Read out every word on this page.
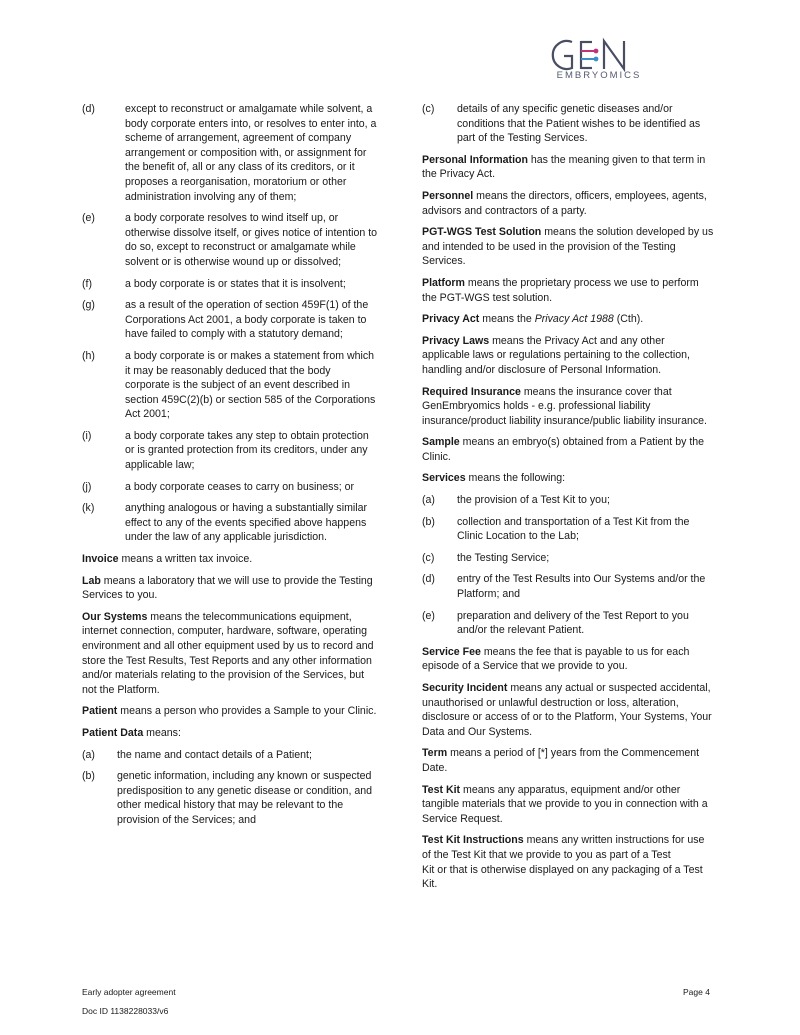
EMBRYOMICS
(d)	except to reconstruct or amalgamate while solvent, a body corporate enters into, or resolves to enter into, a scheme of arrangement, agreement of company arrangement or composition with, or assignment for the benefit of, all or any class of its creditors, or it proposes a reorganisation, moratorium or other administration involving any of them;
(e)	a body corporate resolves to wind itself up, or otherwise dissolve itself, or gives notice of intention to do so, except to reconstruct or amalgamate while solvent or is otherwise wound up or dissolved;
(f)	a body corporate is or states that it is insolvent;
(g)	as a result of the operation of section 459F(1) of the Corporations Act 2001, a body corporate is taken to have failed to comply with a statutory demand;
(h)	a body corporate is or makes a statement from which it may be reasonably deduced that the body corporate is the subject of an event described in section 459C(2)(b) or section 585 of the Corporations Act 2001;
(i)	a body corporate takes any step to obtain protection or is granted protection from its creditors, under any applicable law;
(j)	a body corporate ceases to carry on business; or
(k)	anything analogous or having a substantially similar effect to any of the events specified above happens under the law of any applicable jurisdiction.
Invoice means a written tax invoice.
Lab means a laboratory that we will use to provide the Testing Services to you.
Our Systems means the telecommunications equipment, internet connection, computer, hardware, software, operating environment and all other equipment used by us to record and store the Test Results, Test Reports and any other information and/or materials relating to the provision of the Services, but not the Platform.
Patient means a person who provides a Sample to your Clinic.
Patient Data means:
(a)	the name and contact details of a Patient;
(b)	genetic information, including any known or suspected predisposition to any genetic disease or condition, and other medical history that may be relevant to the provision of the Services; and
(c)	details of any specific genetic diseases and/or conditions that the Patient wishes to be identified as part of the Testing Services.
Personal Information has the meaning given to that term in the Privacy Act.
Personnel means the directors, officers, employees, agents, advisors and contractors of a party.
PGT-WGS Test Solution means the solution developed by us and intended to be used in the provision of the Testing Services.
Platform means the proprietary process we use to perform the PGT-WGS test solution.
Privacy Act means the Privacy Act 1988 (Cth).
Privacy Laws means the Privacy Act and any other applicable laws or regulations pertaining to the collection, handling and/or disclosure of Personal Information.
Required Insurance means the insurance cover that GenEmbryomics holds - e.g. professional liability insurance/product liability insurance/public liability insurance.
Sample means an embryo(s) obtained from a Patient by the Clinic.
Services means the following:
(a)	the provision of a Test Kit to you;
(b)	collection and transportation of a Test Kit from the Clinic Location to the Lab;
(c)	the Testing Service;
(d)	entry of the Test Results into Our Systems and/or the Platform; and
(e)	preparation and delivery of the Test Report to you and/or the relevant Patient.
Service Fee means the fee that is payable to us for each episode of a Service that we provide to you.
Security Incident means any actual or suspected accidental, unauthorised or unlawful destruction or loss, alteration, disclosure or access of or to the Platform, Your Systems, Your Data and Our Systems.
Term means a period of [*] years from the Commencement Date.
Test Kit means any apparatus, equipment and/or other tangible materials that we provide to you in connection with a Service Request.
Test Kit Instructions means any written instructions for use of the Test Kit that we provide to you as part of a Test
Kit or that is otherwise displayed on any packaging of a Test Kit.
Early adopter agreement
Doc ID 1138228033/v6
Page 4
